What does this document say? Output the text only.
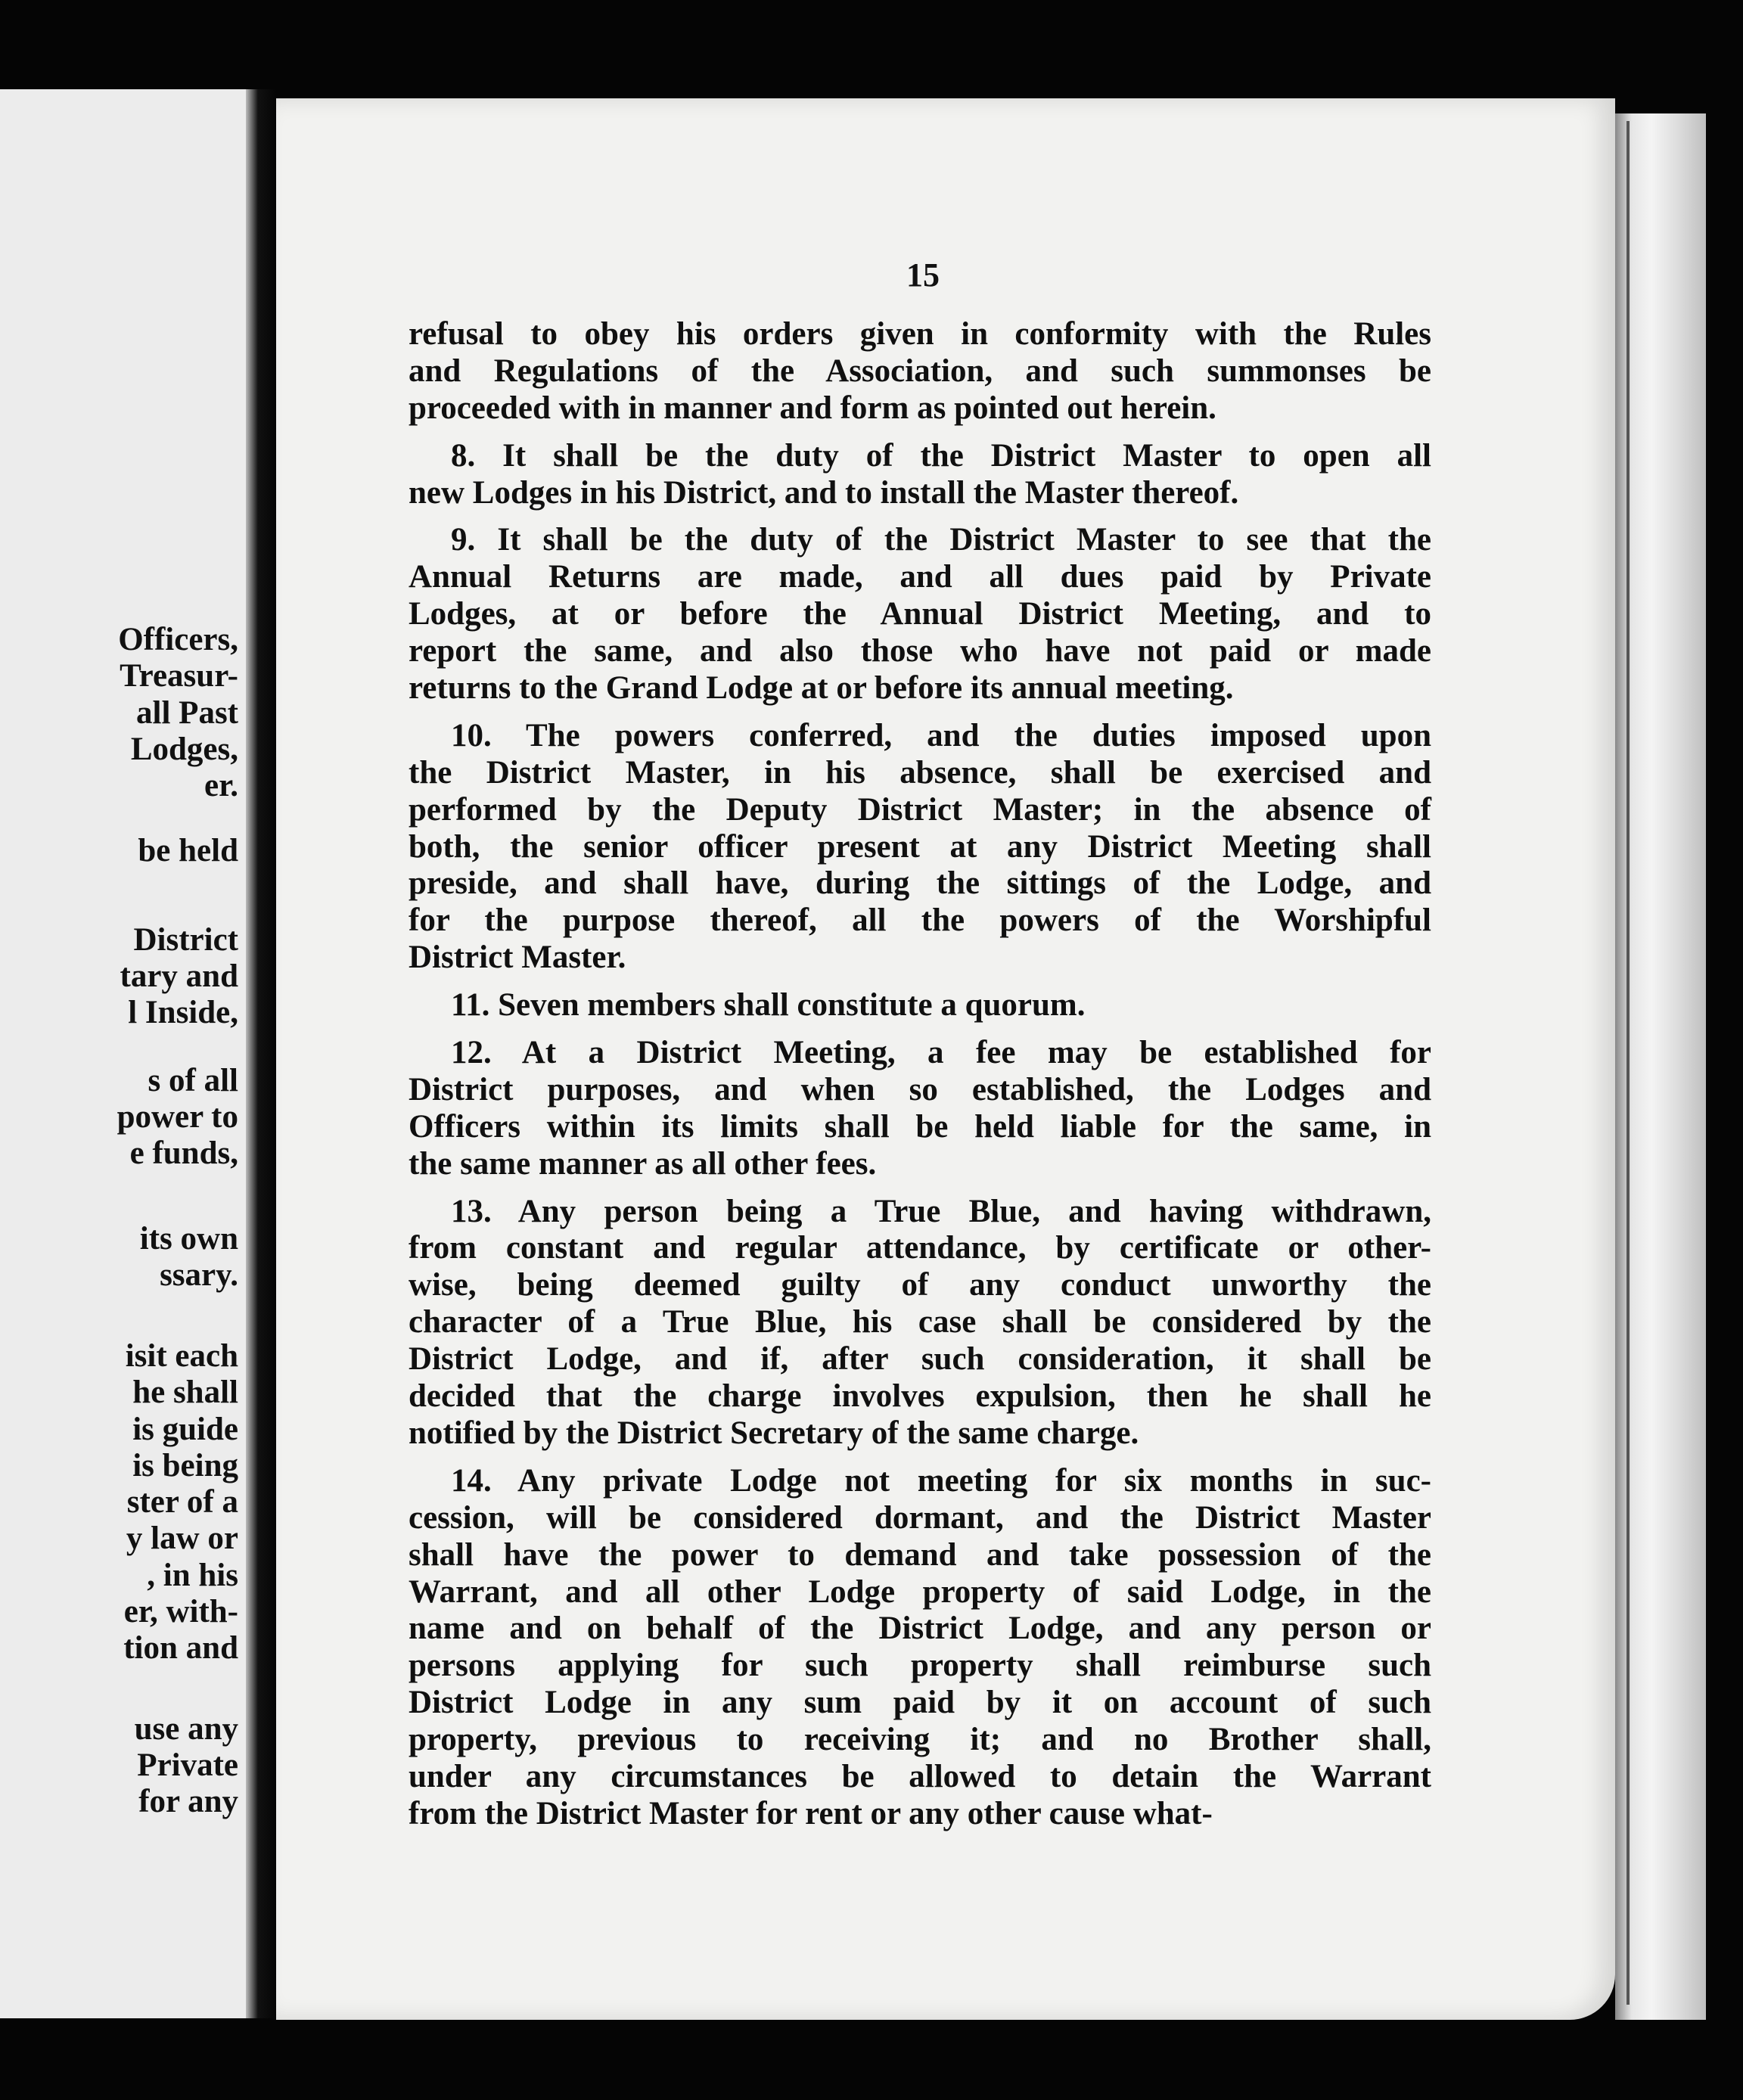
Officers,
Treasur-
all Past
Lodges,
er.
be held
District
tary and
l Inside,
s of all
power to
e funds,
its own
ssary.
isit each
he shall
is guide
is being
ster of a
y law or
, in his
er, with-
tion and
use any
Private
for any
15
refusal to obey his orders given in conformity with the Rules
and Regulations of the Association, and such summonses be
proceeded with in manner and form as pointed out herein.
8. It shall be the duty of the District Master to open all
new Lodges in his District, and to install the Master thereof.
9. It shall be the duty of the District Master to see that the
Annual Returns are made, and all dues paid by Private
Lodges, at or before the Annual District Meeting, and to
report the same, and also those who have not paid or made
returns to the Grand Lodge at or before its annual meeting.
10. The powers conferred, and the duties imposed upon
the District Master, in his absence, shall be exercised and
performed by the Deputy District Master; in the absence of
both, the senior officer present at any District Meeting shall
preside, and shall have, during the sittings of the Lodge, and
for the purpose thereof, all the powers of the Worshipful
District Master.
11. Seven members shall constitute a quorum.
12. At a District Meeting, a fee may be established for
District purposes, and when so established, the Lodges and
Officers within its limits shall be held liable for the same, in
the same manner as all other fees.
13. Any person being a True Blue, and having withdrawn,
from constant and regular attendance, by certificate or other-
wise, being deemed guilty of any conduct unworthy the
character of a True Blue, his case shall be considered by the
District Lodge, and if, after such consideration, it shall be
decided that the charge involves expulsion, then he shall he
notified by the District Secretary of the same charge.
14. Any private Lodge not meeting for six months in suc-
cession, will be considered dormant, and the District Master
shall have the power to demand and take possession of the
Warrant, and all other Lodge property of said Lodge, in the
name and on behalf of the District Lodge, and any person or
persons applying for such property shall reimburse such
District Lodge in any sum paid by it on account of such
property, previous to receiving it; and no Brother shall,
under any circumstances be allowed to detain the Warrant
from the District Master for rent or any other cause what-
